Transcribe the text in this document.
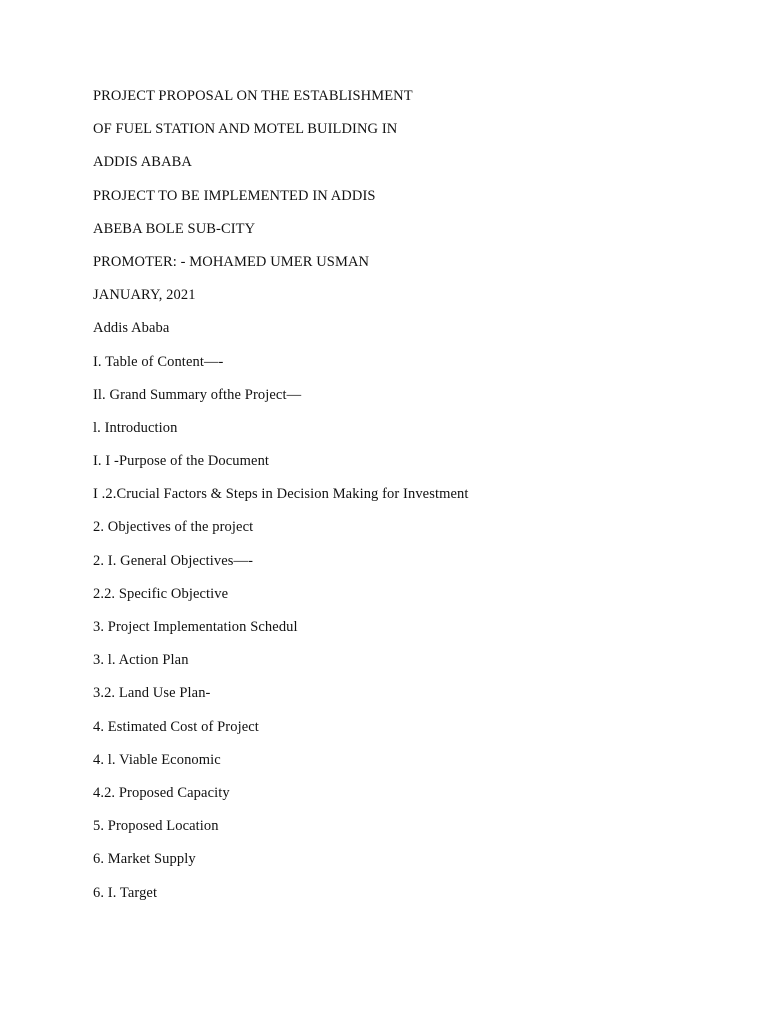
PROJECT PROPOSAL ON THE ESTABLISHMENT
OF FUEL STATION AND MOTEL BUILDING IN
ADDIS ABABA
PROJECT TO BE IMPLEMENTED IN ADDIS
ABEBA BOLE SUB-CITY
PROMOTER: - MOHAMED UMER USMAN
JANUARY, 2021
Addis Ababa
I. Table of Content—-
Il. Grand Summary ofthe Project—
l. Introduction
I. I -Purpose of the Document
I .2.Crucial Factors & Steps in Decision Making for Investment
2. Objectives of the project
2. I. General Objectives—-
2.2. Specific Objective
3. Project Implementation Schedul
3. l. Action Plan
3.2. Land Use Plan-
4. Estimated Cost of Project
4. l. Viable Economic
4.2. Proposed Capacity
5. Proposed Location
6. Market Supply
6. I. Target
